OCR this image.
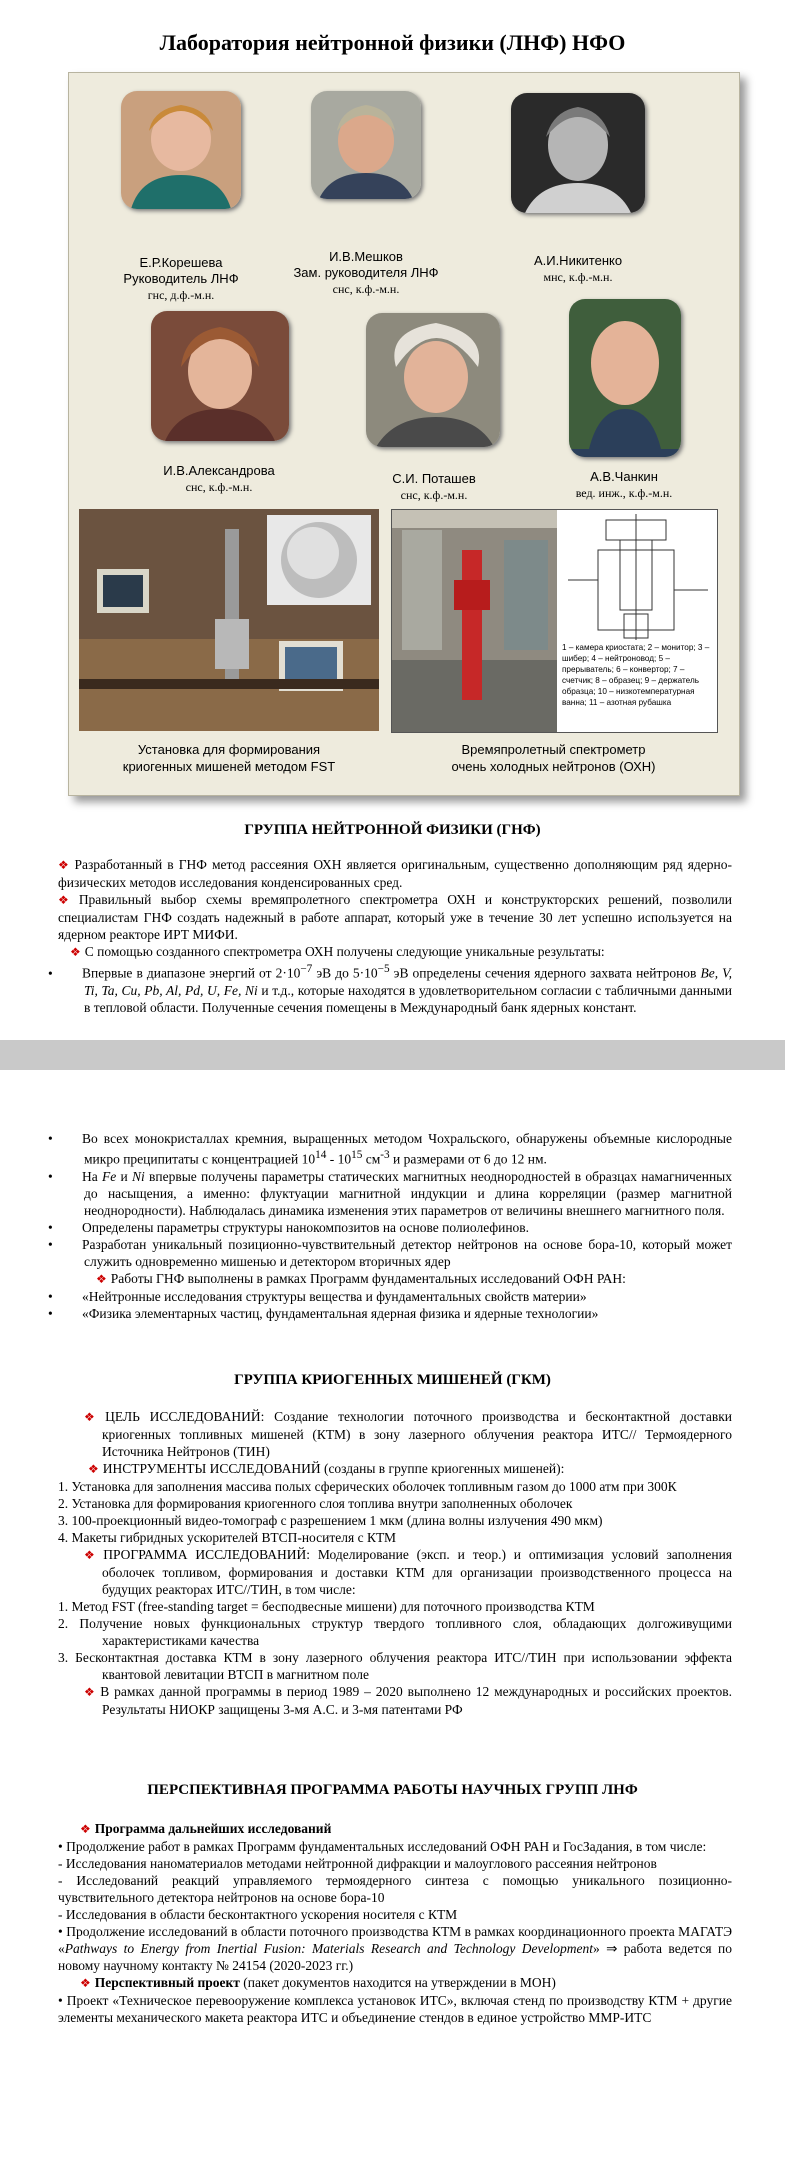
Лаборатория нейтронной физики (ЛНФ) НФО
Е.Р.Корешева
Руководитель ЛНФ
гнс, д.ф.-м.н.
И.В.Мешков
Зам. руководителя ЛНФ
снс, к.ф.-м.н.
А.И.Никитенко
мнс, к.ф.-м.н.
И.В.Александрова
снс, к.ф.-м.н.
С.И. Поташев
снс, к.ф.-м.н.
А.В.Чанкин
вед. инж., к.ф.-м.н.
Установка для формирования
криогенных мишеней методом FST
1 – камера криостата; 2 – монитор; 3 – шибер; 4 – нейтроновод; 5 – прерыватель; 6 – конвертор; 7 – счетчик; 8 – образец; 9 – держатель образца; 10 – низкотемпературная ванна; 11 – азотная рубашка
Времяпролетный спектрометр
очень холодных нейтронов (ОХН)
ГРУППА НЕЙТРОННОЙ ФИЗИКИ (ГНФ)

❖ Разработанный в ГНФ метод рассеяния ОХН является оригинальным, существенно дополняющим ряд ядерно-физических методов исследования конденсированных сред.

❖ Правильный выбор схемы времяпролетного спектрометра ОХН и конструкторских решений, позволили специалистам ГНФ создать надежный в работе аппарат, который уже в течение 30 лет успешно используется на ядерном реакторе ИРТ МИФИ.

❖ С помощью созданного спектрометра ОХН получены следующие уникальные результаты:

• Впервые в диапазоне энергий от $2\cdot 10^{-7}$ эВ до $5\cdot 10^{-5}$ эВ определены сечения ядерного захвата нейтронов Be, V, Ti, Ta, Cu, Pb, Al, Pd, U, Fe, Ni и т.д., которые находятся в удовлетворительном согласии с табличными данными в тепловой области. Полученные сечения помещены в Международный банк ядерных констант.

• Во всех монокристаллах кремния, выращенных методом Чохральского, обнаружены объемные кислородные микро преципитаты с концентрацией $10^{14} - 10^{15}$ $см^{-3}$ и размерами от 6 до 12 нм.

• На Fe и Ni впервые получены параметры статических магнитных неоднородностей в образцах намагниченных до насыщения, а именно: флуктуации магнитной индукции и длина корреляции (размер магнитной неоднородности). Наблюдалась динамика изменения этих параметров от величины внешнего магнитного поля.

• Определены параметры структуры нанокомпозитов на основе полиолефинов.

• Разработан уникальный позиционно-чувствительный детектор нейтронов на основе бора-10, который может служить одновременно мишенью и детектором вторичных ядер

❖ Работы ГНФ выполнены в рамках Программ фундаментальных исследований ОФН РАН:

• «Нейтронные исследования структуры вещества и фундаментальных свойств материи»

• «Физика элементарных частиц, фундаментальная ядерная физика и ядерные технологии»

ГРУППА КРИОГЕННЫХ МИШЕНЕЙ (ГКМ)

❖ ЦЕЛЬ ИССЛЕДОВАНИЙ: Создание технологии поточного производства и бесконтактной доставки криогенных топливных мишеней (КТМ) в зону лазерного облучения реактора ИТС// Термоядерного Источника Нейтронов (ТИН)

❖ ИНСТРУМЕНТЫ ИССЛЕДОВАНИЙ (созданы в группе криогенных мишеней):

1. Установка для заполнения массива полых сферических оболочек топливным газом до 1000 атм при 300К

2. Установка для формирования криогенного слоя топлива внутри заполненных оболочек

3. 100-проекционный видео-томограф с разрешением 1 мкм (длина волны излучения 490 мкм)

4. Макеты гибридных ускорителей ВТСП-носителя с КТМ

❖ ПРОГРАММА ИССЛЕДОВАНИЙ: Моделирование (эксп. и теор.) и оптимизация условий заполнения оболочек топливом, формирования и доставки КТМ для организации производственного процесса на будущих реакторах ИТС//ТИН, в том числе:

1. Метод FST (free-standing target = бесподвесные мишени) для поточного производства КТМ

2. Получение новых функциональных структур твердого топливного слоя, обладающих долгоживущими характеристиками качества

3. Бесконтактная доставка КТМ в зону лазерного облучения реактора ИТС//ТИН при использовании эффекта квантовой левитации ВТСП в магнитном поле

❖ В рамках данной программы в период 1989 – 2020 выполнено 12 международных и российских проектов. Результаты НИОКР защищены 3-мя А.С. и 3-мя патентами РФ

ПЕРСПЕКТИВНАЯ ПРОГРАММА РАБОТЫ НАУЧНЫХ ГРУПП ЛНФ

❖ Программа дальнейших исследований

• Продолжение работ в рамках Программ фундаментальных исследований ОФН РАН и ГосЗадания, в том числе:

- Исследования наноматериалов методами нейтронной дифракции и малоуглового рассеяния нейтронов

- Исследований реакций управляемого термоядерного синтеза с помощью уникального позиционно-чувствительного детектора нейтронов на основе бора-10

- Исследования в области бесконтактного ускорения носителя с КТМ

• Продолжение исследований в области поточного производства КТМ в рамках координационного проекта МАГАТЭ «Pathways to Energy from Inertial Fusion: Materials Research and Technology Development» ⇒ работа ведется по новому научному контакту № 24154 (2020-2023 гг.)

❖ Перспективный проект (пакет документов находится на утверждении в МОН)

• Проект «Техническое перевооружение комплекса установок ИТС», включая стенд по производству КТМ + другие элементы механического макета реактора ИТС и объединение стендов в единое устройство ММР-ИТС
